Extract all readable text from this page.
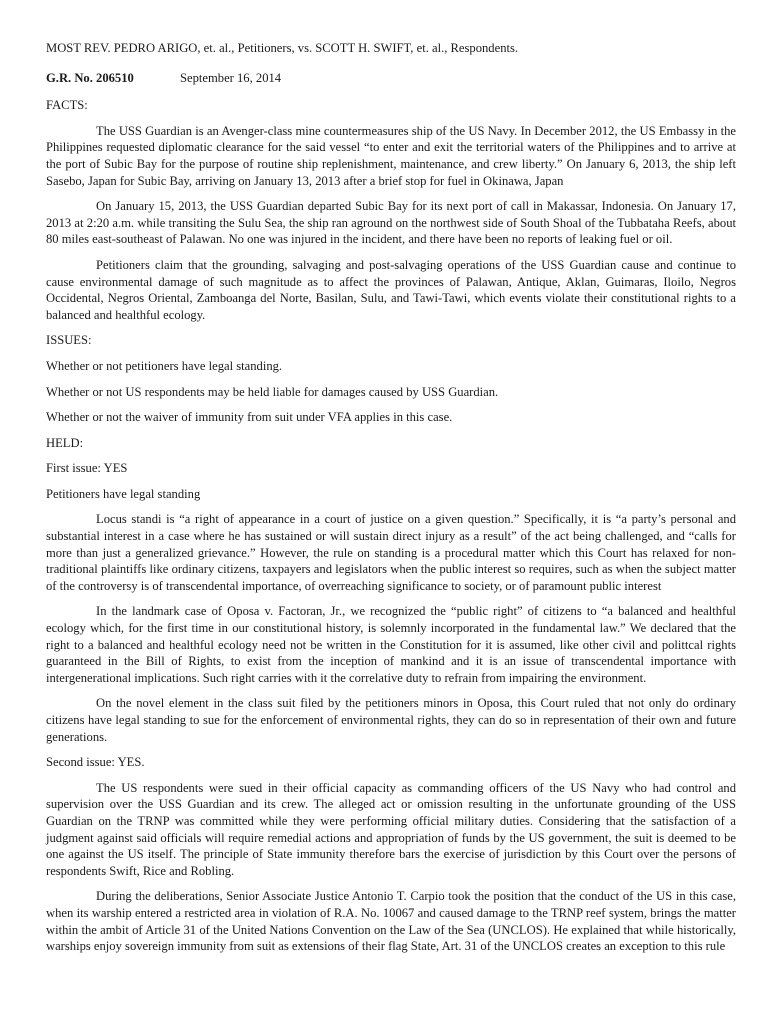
MOST REV. PEDRO ARIGO, et. al., Petitioners, vs. SCOTT H. SWIFT, et. al., Respondents.

G.R. No. 206510	September 16, 2014

FACTS:

The USS Guardian is an Avenger-class mine countermeasures ship of the US Navy. In December 2012, the US Embassy in the Philippines requested diplomatic clearance for the said vessel “to enter and exit the territorial waters of the Philippines and to arrive at the port of Subic Bay for the purpose of routine ship replenishment, maintenance, and crew liberty.” On January 6, 2013, the ship left Sasebo, Japan for Subic Bay, arriving on January 13, 2013 after a brief stop for fuel in Okinawa, Japan

On January 15, 2013, the USS Guardian departed Subic Bay for its next port of call in Makassar, Indonesia. On January 17, 2013 at 2:20 a.m. while transiting the Sulu Sea, the ship ran aground on the northwest side of South Shoal of the Tubbataha Reefs, about 80 miles east-southeast of Palawan. No one was injured in the incident, and there have been no reports of leaking fuel or oil.

Petitioners claim that the grounding, salvaging and post-salvaging operations of the USS Guardian cause and continue to cause environmental damage of such magnitude as to affect the provinces of Palawan, Antique, Aklan, Guimaras, Iloilo, Negros Occidental, Negros Oriental, Zamboanga del Norte, Basilan, Sulu, and Tawi-Tawi, which events violate their constitutional rights to a balanced and healthful ecology.

ISSUES:

Whether or not petitioners have legal standing.

Whether or not US respondents may be held liable for damages caused by USS Guardian.

Whether or not the waiver of immunity from suit under VFA applies in this case.

HELD:

First issue: YES

Petitioners have legal standing

Locus standi is “a right of appearance in a court of justice on a given question.” Specifically, it is “a party’s personal and substantial interest in a case where he has sustained or will sustain direct injury as a result” of the act being challenged, and “calls for more than just a generalized grievance.” However, the rule on standing is a procedural matter which this Court has relaxed for non-traditional plaintiffs like ordinary citizens, taxpayers and legislators when the public interest so requires, such as when the subject matter of the controversy is of transcendental importance, of overreaching significance to society, or of paramount public interest

In the landmark case of Oposa v. Factoran, Jr., we recognized the “public right” of citizens to “a balanced and healthful ecology which, for the first time in our constitutional history, is solemnly incorporated in the fundamental law.” We declared that the right to a balanced and healthful ecology need not be written in the Constitution for it is assumed, like other civil and polittcal rights guaranteed in the Bill of Rights, to exist from the inception of mankind and it is an issue of transcendental importance with intergenerational implications. Such right carries with it the correlative duty to refrain from impairing the environment.

On the novel element in the class suit filed by the petitioners minors in Oposa, this Court ruled that not only do ordinary citizens have legal standing to sue for the enforcement of environmental rights, they can do so in representation of their own and future generations.

Second issue: YES.

The US respondents were sued in their official capacity as commanding officers of the US Navy who had control and supervision over the USS Guardian and its crew. The alleged act or omission resulting in the unfortunate grounding of the USS Guardian on the TRNP was committed while they were performing official military duties. Considering that the satisfaction of a judgment against said officials will require remedial actions and appropriation of funds by the US government, the suit is deemed to be one against the US itself. The principle of State immunity therefore bars the exercise of jurisdiction by this Court over the persons of respondents Swift, Rice and Robling.

During the deliberations, Senior Associate Justice Antonio T. Carpio took the position that the conduct of the US in this case, when its warship entered a restricted area in violation of R.A. No. 10067 and caused damage to the TRNP reef system, brings the matter within the ambit of Article 31 of the United Nations Convention on the Law of the Sea (UNCLOS). He explained that while historically, warships enjoy sovereign immunity from suit as extensions of their flag State, Art. 31 of the UNCLOS creates an exception to this rule
